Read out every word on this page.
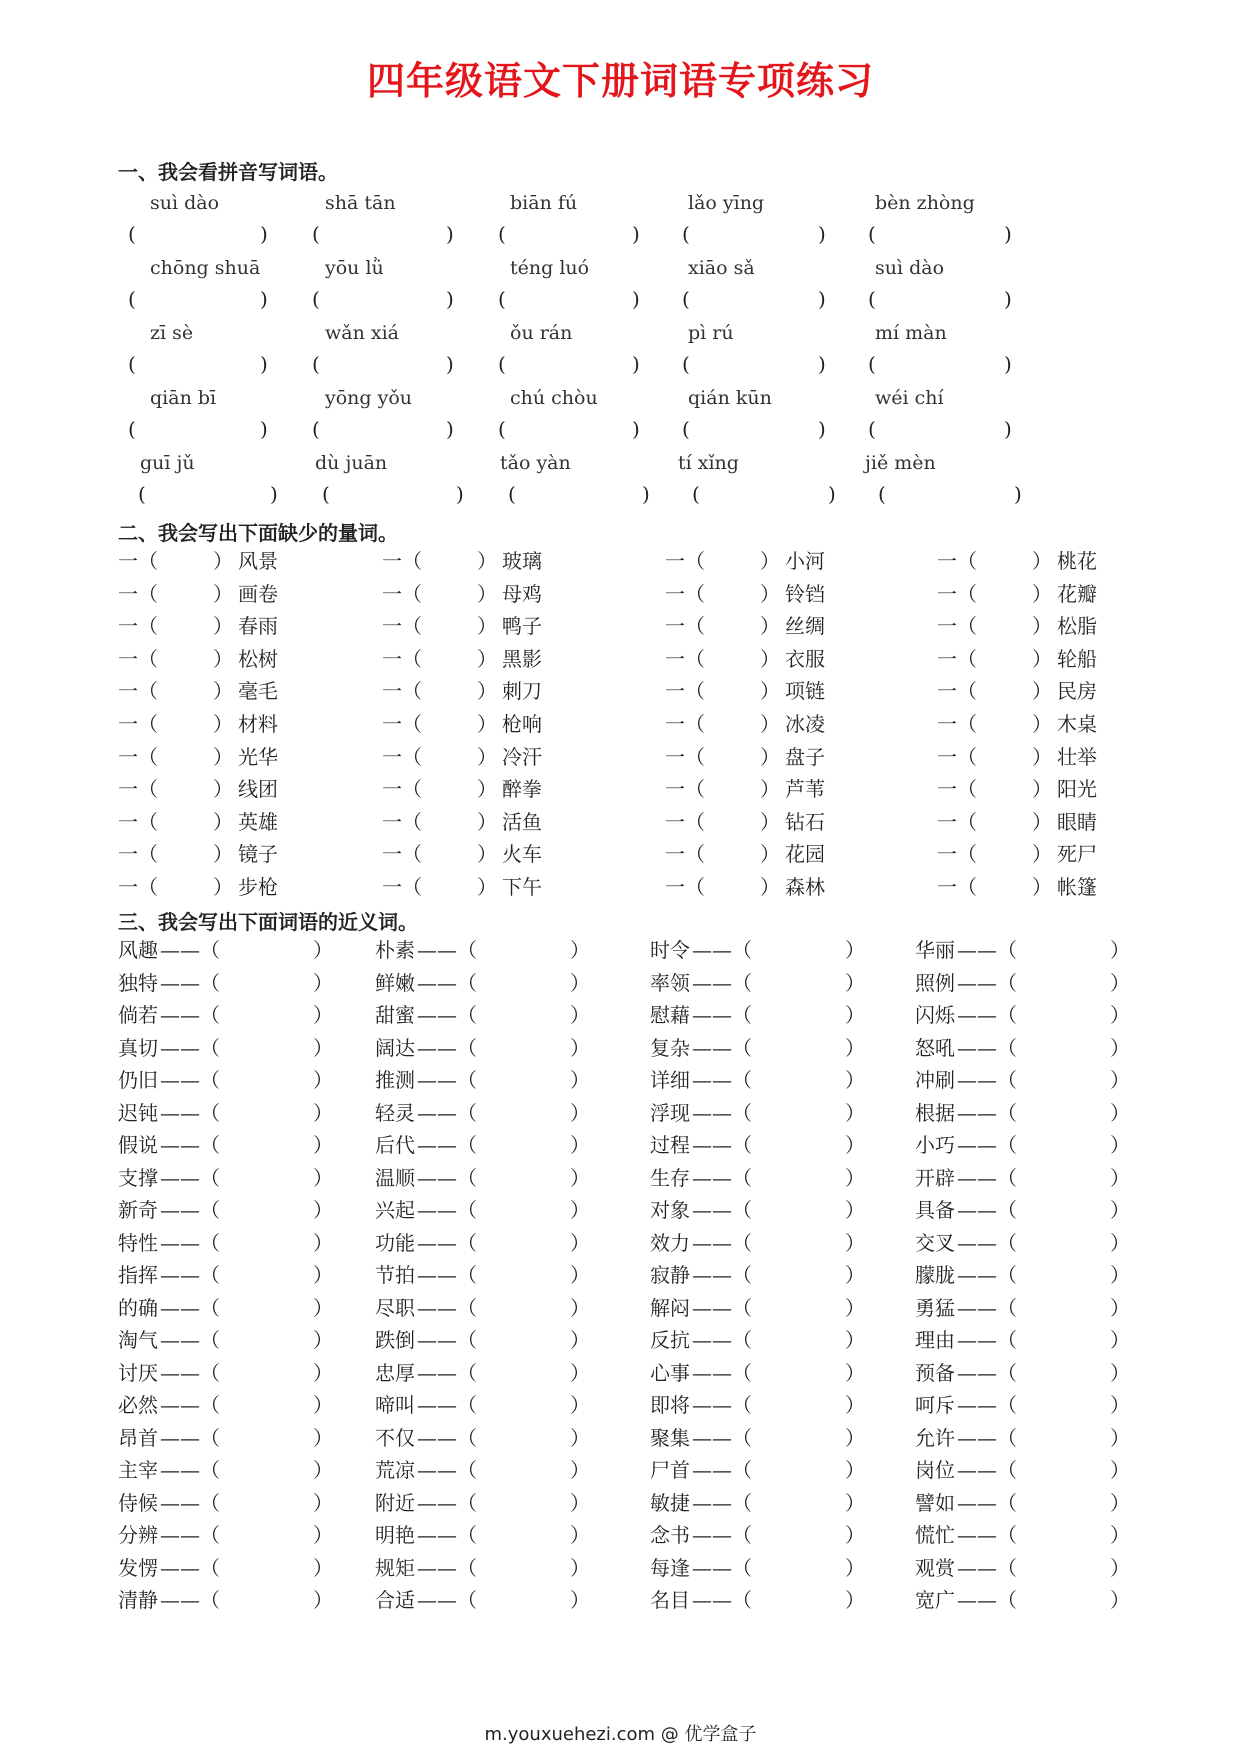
四年级语文下册词语专项练习
一、我会看拼音写词语。
suì dào	shā tān	biān fú	lǎo yīng	bèn zhòng
(	) (	) (	) (	) (	)
chōng shuā	yōu lǜ	téng luó	xiāo sǎ	suì dào
(	) (	) (	) (	) (	)
zī sè	wǎn xiá	ǒu rán	pì rú	mí màn
(	) (	) (	) (	) (	)
qiān bī	yōng yǒu	chú chòu	qián kūn	wéi chí
(	) (	) (	) (	) (	)
guī jǔ	dù juān	tǎo yàn	tí xǐng	jiě mèn
(	) (	) (	) (	) (	)
二、我会写出下面缺少的量词。
一（	） 风景	一（	） 玻璃	一（	） 小河	一（	） 桃花
一（	） 画卷	一（	） 母鸡	一（	） 铃铛	一（	） 花瓣
一（	） 春雨	一（	） 鸭子	一（	） 丝绸	一（	） 松脂
一（	） 松树	一（	） 黑影	一（	） 衣服	一（	） 轮船
一（	） 毫毛	一（	） 刺刀	一（	） 项链	一（	） 民房
一（	） 材料	一（	） 枪响	一（	） 冰凌	一（	） 木桌
一（	） 光华	一（	） 冷汗	一（	） 盘子	一（	） 壮举
一（	） 线团	一（	） 醉拳	一（	） 芦苇	一（	） 阳光
一（	） 英雄	一（	） 活鱼	一（	） 钻石	一（	） 眼睛
一（	） 镜子	一（	） 火车	一（	） 花园	一（	） 死尸
一（	） 步枪	一（	） 下午	一（	） 森林	一（	） 帐篷
三、我会写出下面词语的近义词。
风趣 ——（	） 朴素 ——（	）	时令 ——（	）	华丽 ——（	）
独特 ——（	） 鲜嫩 ——（	）	率领 ——（	）	照例 ——（	）
倘若 ——（	） 甜蜜 ——（	）	慰藉 ——（	）	闪烁 ——（	）
真切 ——（	） 阔达 ——（	）	复杂 ——（	）	怒吼 ——（	）
仍旧 ——（	） 推测 ——（	）	详细 ——（	）	冲刷 ——（	）
迟钝 ——（	） 轻灵 ——（	）	浮现 ——（	）	根据 ——（	）
假说 ——（	） 后代 ——（	）	过程 ——（	）	小巧 ——（	）
支撑 ——（	） 温顺 ——（	）	生存 ——（	）	开辟 ——（	）
新奇 ——（	） 兴起 ——（	）	对象 ——（	）	具备 ——（	）
特性 ——（	） 功能 ——（	）	效力 ——（	）	交叉 ——（	）
指挥 ——（	） 节拍 ——（	）	寂静 ——（	）	朦胧 ——（	）
的确 ——（	） 尽职 ——（	）	解闷 ——（	）	勇猛 ——（	）
淘气 ——（	） 跌倒 ——（	）	反抗 ——（	）	理由 ——（	）
讨厌 ——（	） 忠厚 ——（	）	心事 ——（	）	预备 ——（	）
必然 ——（	） 啼叫 ——（	）	即将 ——（	）	呵斥 ——（	）
昂首 ——（	） 不仅 ——（	）	聚集 ——（	）	允许 ——（	）
主宰 ——（	） 荒凉 ——（	）	尸首 ——（	）	岗位 ——（	）
侍候 ——（	） 附近 ——（	）	敏捷 ——（	）	譬如 ——（	）
分辨 ——（	） 明艳 ——（	）	念书 ——（	）	慌忙 ——（	）
发愣 ——（	） 规矩 ——（	）	每逢 ——（	）	观赏 ——（	）
清静 ——（	） 合适 ——（	）	名目 ——（	）	宽广 ——（	）
m.youxuehezi.com @ 优学盒子
